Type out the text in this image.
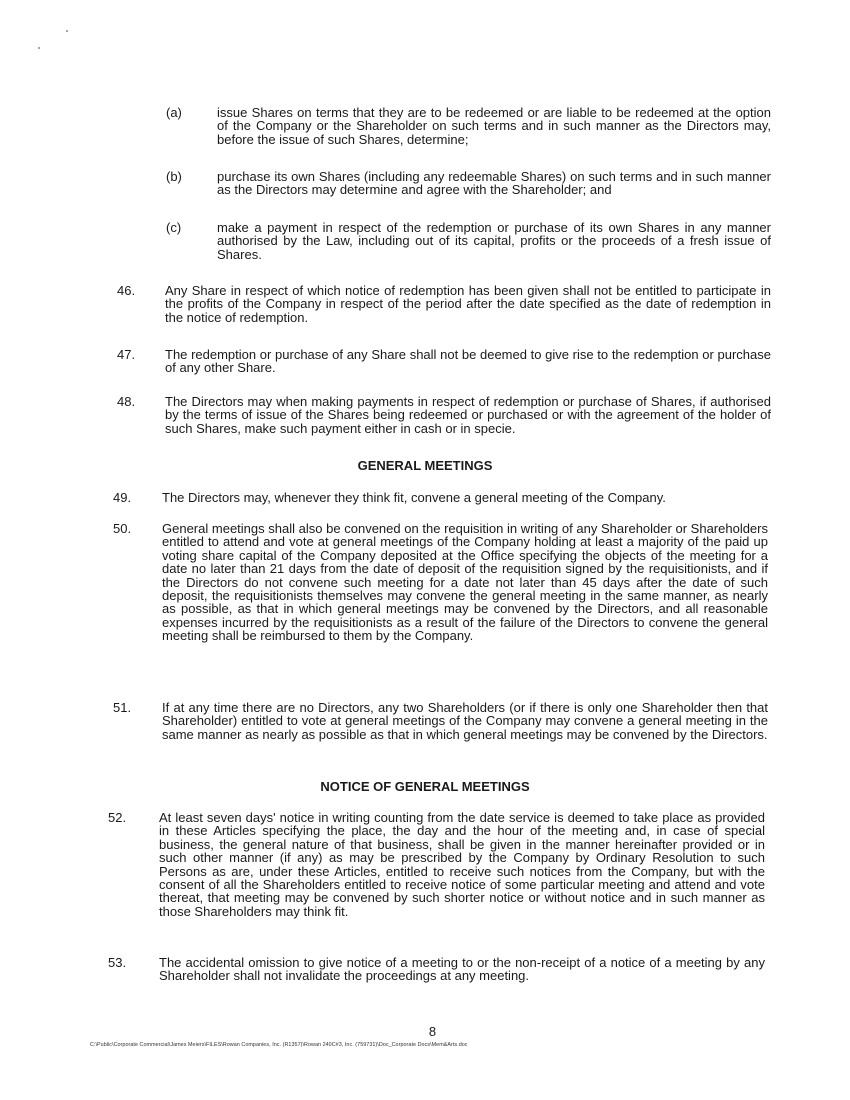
(a)	issue Shares on terms that they are to be redeemed or are liable to be redeemed at the option of the Company or the Shareholder on such terms and in such manner as the Directors may, before the issue of such Shares, determine;
(b)	purchase its own Shares (including any redeemable Shares) on such terms and in such manner as the Directors may determine and agree with the Shareholder; and
(c)	make a payment in respect of the redemption or purchase of its own Shares in any manner authorised by the Law, including out of its capital, profits or the proceeds of a fresh issue of Shares.
46. Any Share in respect of which notice of redemption has been given shall not be entitled to participate in the profits of the Company in respect of the period after the date specified as the date of redemption in the notice of redemption.
47. The redemption or purchase of any Share shall not be deemed to give rise to the redemption or purchase of any other Share.
48. The Directors may when making payments in respect of redemption or purchase of Shares, if authorised by the terms of issue of the Shares being redeemed or purchased or with the agreement of the holder of such Shares, make such payment either in cash or in specie.
GENERAL MEETINGS
49. The Directors may, whenever they think fit, convene a general meeting of the Company.
50. General meetings shall also be convened on the requisition in writing of any Shareholder or Shareholders entitled to attend and vote at general meetings of the Company holding at least a majority of the paid up voting share capital of the Company deposited at the Office specifying the objects of the meeting for a date no later than 21 days from the date of deposit of the requisition signed by the requisitionists, and if the Directors do not convene such meeting for a date not later than 45 days after the date of such deposit, the requisitionists themselves may convene the general meeting in the same manner, as nearly as possible, as that in which general meetings may be convened by the Directors, and all reasonable expenses incurred by the requisitionists as a result of the failure of the Directors to convene the general meeting shall be reimbursed to them by the Company.
51. If at any time there are no Directors, any two Shareholders (or if there is only one Shareholder then that Shareholder) entitled to vote at general meetings of the Company may convene a general meeting in the same manner as nearly as possible as that in which general meetings may be convened by the Directors.
NOTICE OF GENERAL MEETINGS
52.	At least seven days' notice in writing counting from the date service is deemed to take place as provided in these Articles specifying the place, the day and the hour of the meeting and, in case of special business, the general nature of that business, shall be given in the manner hereinafter provided or in such other manner (if any) as may be prescribed by the Company by Ordinary Resolution to such Persons as are, under these Articles, entitled to receive such notices from the Company, but with the consent of all the Shareholders entitled to receive notice of some particular meeting and attend and vote thereat, that meeting may be convened by such shorter notice or without notice and in such manner as those Shareholders may think fit.
53.	The accidental omission to give notice of a meeting to or the non-receipt of a notice of a meeting by any Shareholder shall not invalidate the proceedings at any meeting.
8
C:\Public\Corporate Commercial\James Meiers\FILES\Rowan Companies, Inc. (R1357)\Rowan 240C#3, Inc. (759731)\Doc_Corporate Docs\Mem&Arts.doc
